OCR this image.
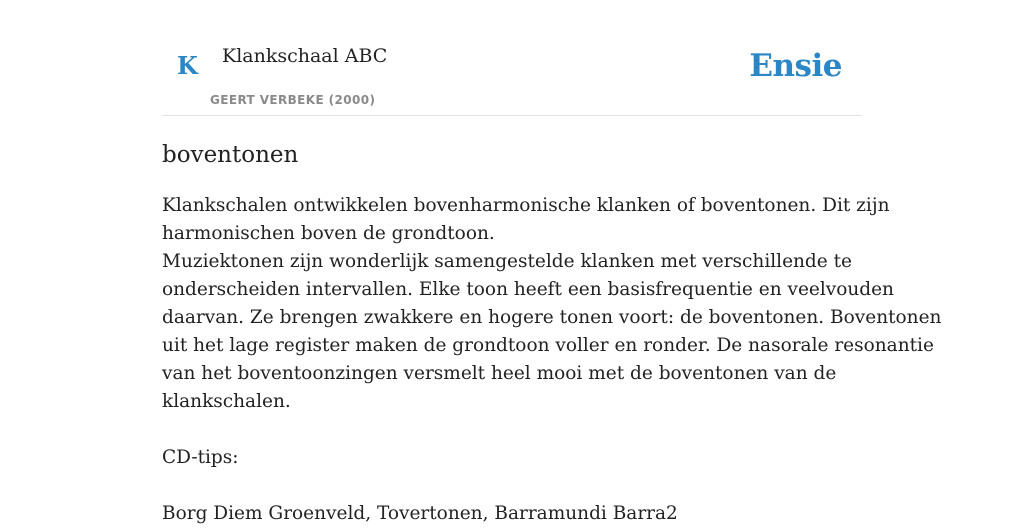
K Klankschaal ABC
GEERT VERBEKE (2000)
Ensie
boventonen
Klankschalen ontwikkelen bovenharmonische klanken of boventonen. Dit zijn
harmonischen boven de grondtoon.
Muziektonen zijn wonderlijk samengestelde klanken met verschillende te
onderscheiden intervallen. Elke toon heeft een basisfrequentie en veelvouden
daarvan. Ze brengen zwakkere en hogere tonen voort: de boventonen. Boventonen
uit het lage register maken de grondtoon voller en ronder. De nasorale resonantie
van het boventoonzingen versmelt heel mooi met de boventonen van de
klankschalen.
CD-tips:
Borg Diem Groenveld, Tovertonen, Barramundi Barra2
